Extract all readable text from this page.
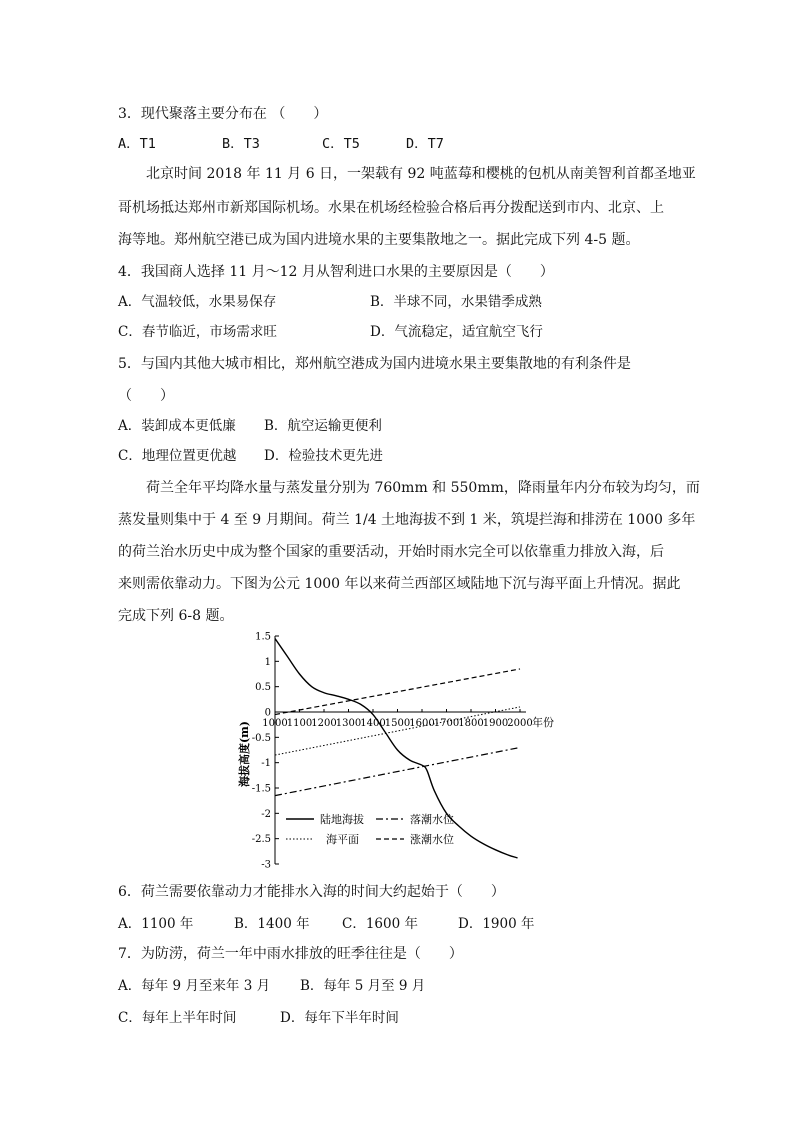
3．现代聚落主要分布在 （　　）
A．T1	B．T3	C．T5	D．T7
北京时间 2018 年 11 月 6 日，一架载有 92 吨蓝莓和樱桃的包机从南美智利首都圣地亚
哥机场抵达郑州市新郑国际机场。水果在机场经检验合格后再分拨配送到市内、北京、上
海等地。郑州航空港已成为国内进境水果的主要集散地之一。据此完成下列 4-5 题。
4．我国商人选择 11 月～12 月从智利进口水果的主要原因是（　　）
A．气温较低，水果易保存	B．半球不同，水果错季成熟
C．春节临近，市场需求旺	D．气流稳定，适宜航空飞行
5．与国内其他大城市相比，郑州航空港成为国内进境水果主要集散地的有利条件是
（　　）
A．装卸成本更低廉 B．航空运输更便利
C．地理位置更优越 D．检验技术更先进
荷兰全年平均降水量与蒸发量分别为 760mm 和 550mm，降雨量年内分布较为均匀，而
蒸发量则集中于 4 至 9 月期间。荷兰 1/4 土地海拔不到 1 米，筑堤拦海和排涝在 1000 多年
的荷兰治水历史中成为整个国家的重要活动，开始时雨水完全可以依靠重力排放入海，后
来则需依靠动力。下图为公元 1000 年以来荷兰西部区域陆地下沉与海平面上升情况。据此
完成下列 6-8 题。
海拔高度(m)
1.5
1
0.5
0
-0.5
-1
-1.5
-2
-2.5
-3
1000 1100 1200 1300 1400 1500 1600 1700 1800 1900 2000 年份
陆地海拔	落潮水位
海平面	涨潮水位
6．荷兰需要依靠动力才能排水入海的时间大约起始于（　　）
A．1100 年	B．1400 年 C．1600 年	D．1900 年
7．为防涝，荷兰一年中雨水排放的旺季往往是（　　）
A．每年 9 月至来年 3 月 B．每年 5 月至 9 月
C．每年上半年时间	D．每年下半年时间
